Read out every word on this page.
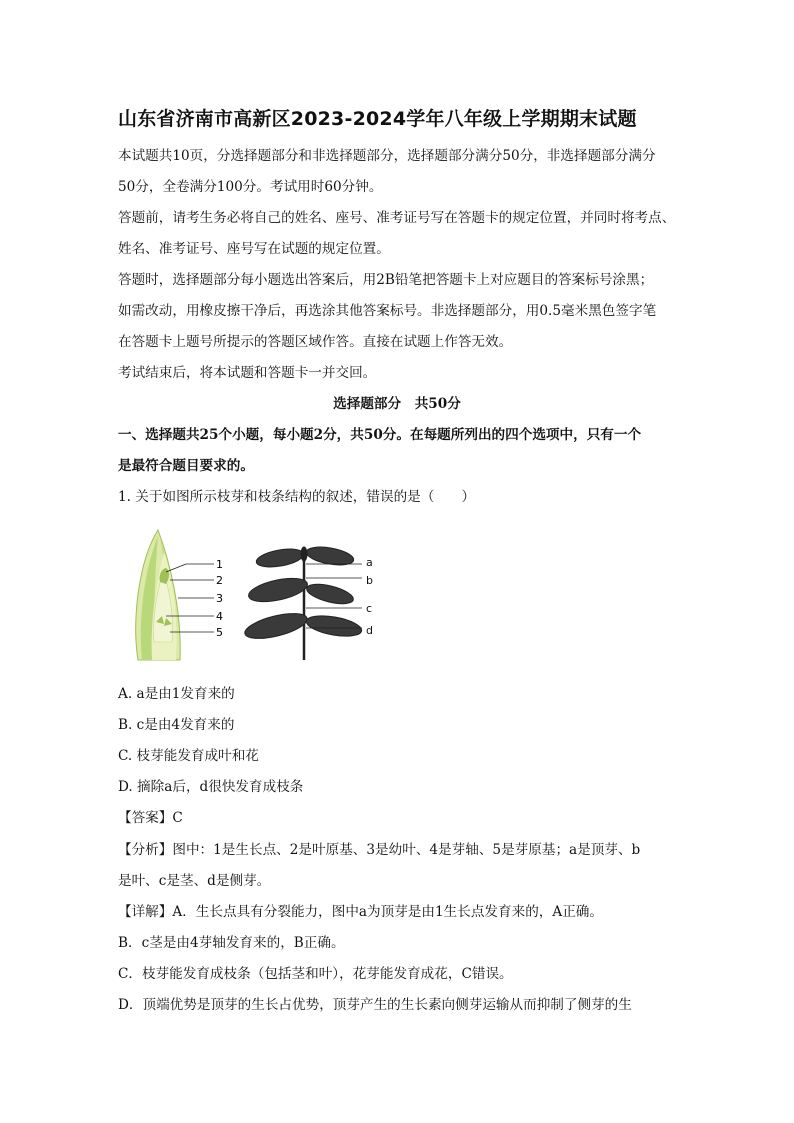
山东省济南市高新区2023-2024学年八年级上学期期末试题
本试题共10页，分选择题部分和非选择题部分，选择题部分满分50分，非选择题部分满分
50分，全卷满分100分。考试用时60分钟。
答题前，请考生务必将自己的姓名、座号、准考证号写在答题卡的规定位置，并同时将考点、
姓名、准考证号、座号写在试题的规定位置。
答题时，选择题部分每小题选出答案后，用2B铅笔把答题卡上对应题目的答案标号涂黑；
如需改动，用橡皮擦干净后，再选涂其他答案标号。非选择题部分，用0.5毫米黑色签字笔
在答题卡上题号所提示的答题区域作答。直接在试题上作答无效。
考试结束后，将本试题和答题卡一并交回。
选择题部分　共50分
一、选择题共25个小题，每小题2分，共50分。在每题所列出的四个选项中，只有一个
是最符合题目要求的。
1. 关于如图所示枝芽和枝条结构的叙述，错误的是（　　）
1
2
3
4
5
a
b
c
d
A. a是由1发育来的
B. c是由4发育来的
C. 枝芽能发育成叶和花
D. 摘除a后，d很快发育成枝条
【答案】C
【分析】图中：1是生长点、2是叶原基、3是幼叶、4是芽轴、5是芽原基；a是顶芽、b
是叶、c是茎、d是侧芽。
【详解】A．生长点具有分裂能力，图中a为顶芽是由1生长点发育来的，A正确。
B．c茎是由4芽轴发育来的，B正确。
C．枝芽能发育成枝条（包括茎和叶），花芽能发育成花，C错误。
D．顶端优势是顶芽的生长占优势，顶芽产生的生长素向侧芽运输从而抑制了侧芽的生
